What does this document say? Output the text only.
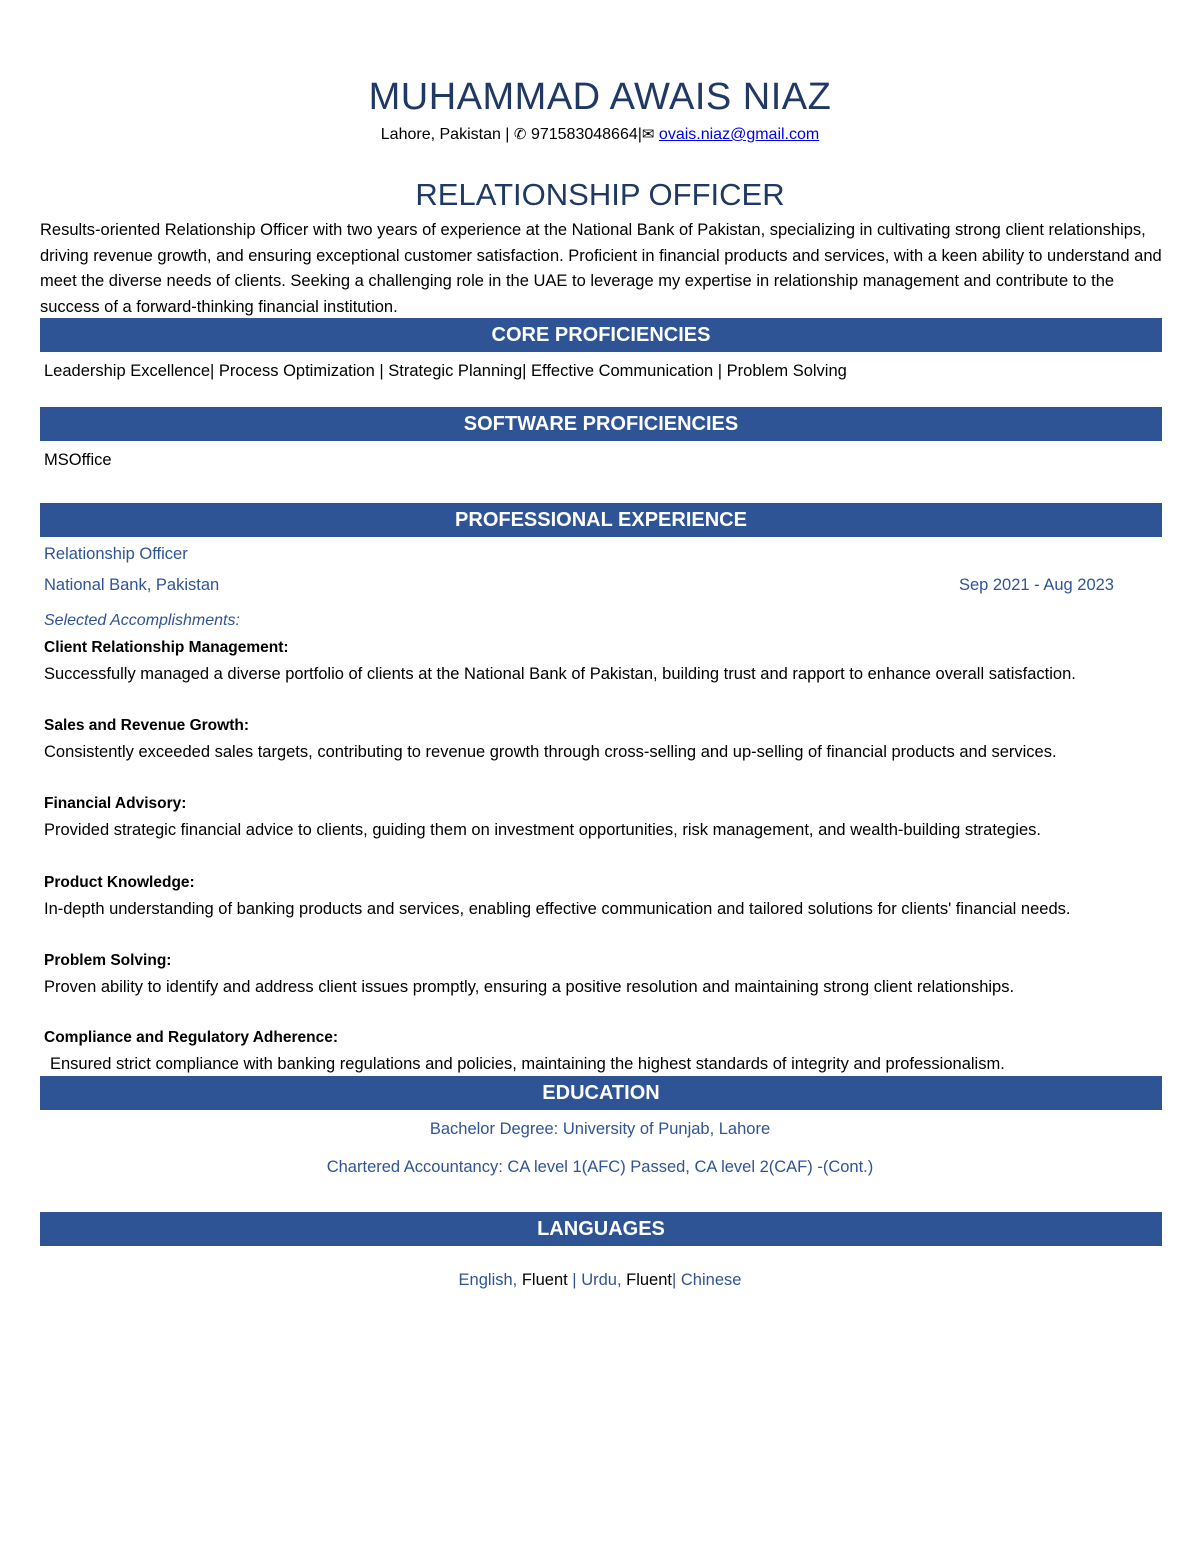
MUHAMMAD AWAIS NIAZ
Lahore, Pakistan | ✆ 971583048664|✉ ovais.niaz@gmail.com
RELATIONSHIP OFFICER

Results-oriented Relationship Officer with two years of experience at the National Bank of Pakistan, specializing in cultivating strong client relationships, driving revenue growth, and ensuring exceptional customer satisfaction. Proficient in financial products and services, with a keen ability to understand and meet the diverse needs of clients. Seeking a challenging role in the UAE to leverage my expertise in relationship management and contribute to the success of a forward-thinking financial institution.

CORE PROFICIENCIES
Leadership Excellence| Process Optimization | Strategic Planning| Effective Communication | Problem Solving
SOFTWARE PROFICIENCIES
MSOffice
PROFESSIONAL EXPERIENCE
Relationship Officer
National Bank, Pakistan	Sep 2021 - Aug 2023
Selected Accomplishments:
Client Relationship Management:
Successfully managed a diverse portfolio of clients at the National Bank of Pakistan, building trust and rapport to enhance overall satisfaction.
Sales and Revenue Growth:
Consistently exceeded sales targets, contributing to revenue growth through cross-selling and up-selling of financial products and services.
Financial Advisory:
Provided strategic financial advice to clients, guiding them on investment opportunities, risk management, and wealth-building strategies.
Product Knowledge:
In-depth understanding of banking products and services, enabling effective communication and tailored solutions for clients' financial needs.
Problem Solving:
Proven ability to identify and address client issues promptly, ensuring a positive resolution and maintaining strong client relationships.
Compliance and Regulatory Adherence:
Ensured strict compliance with banking regulations and policies, maintaining the highest standards of integrity and professionalism.
EDUCATION
Bachelor Degree: University of Punjab, Lahore
Chartered Accountancy: CA level 1(AFC) Passed, CA level 2(CAF) -(Cont.)
LANGUAGES
English, Fluent | Urdu, Fluent| Chinese
